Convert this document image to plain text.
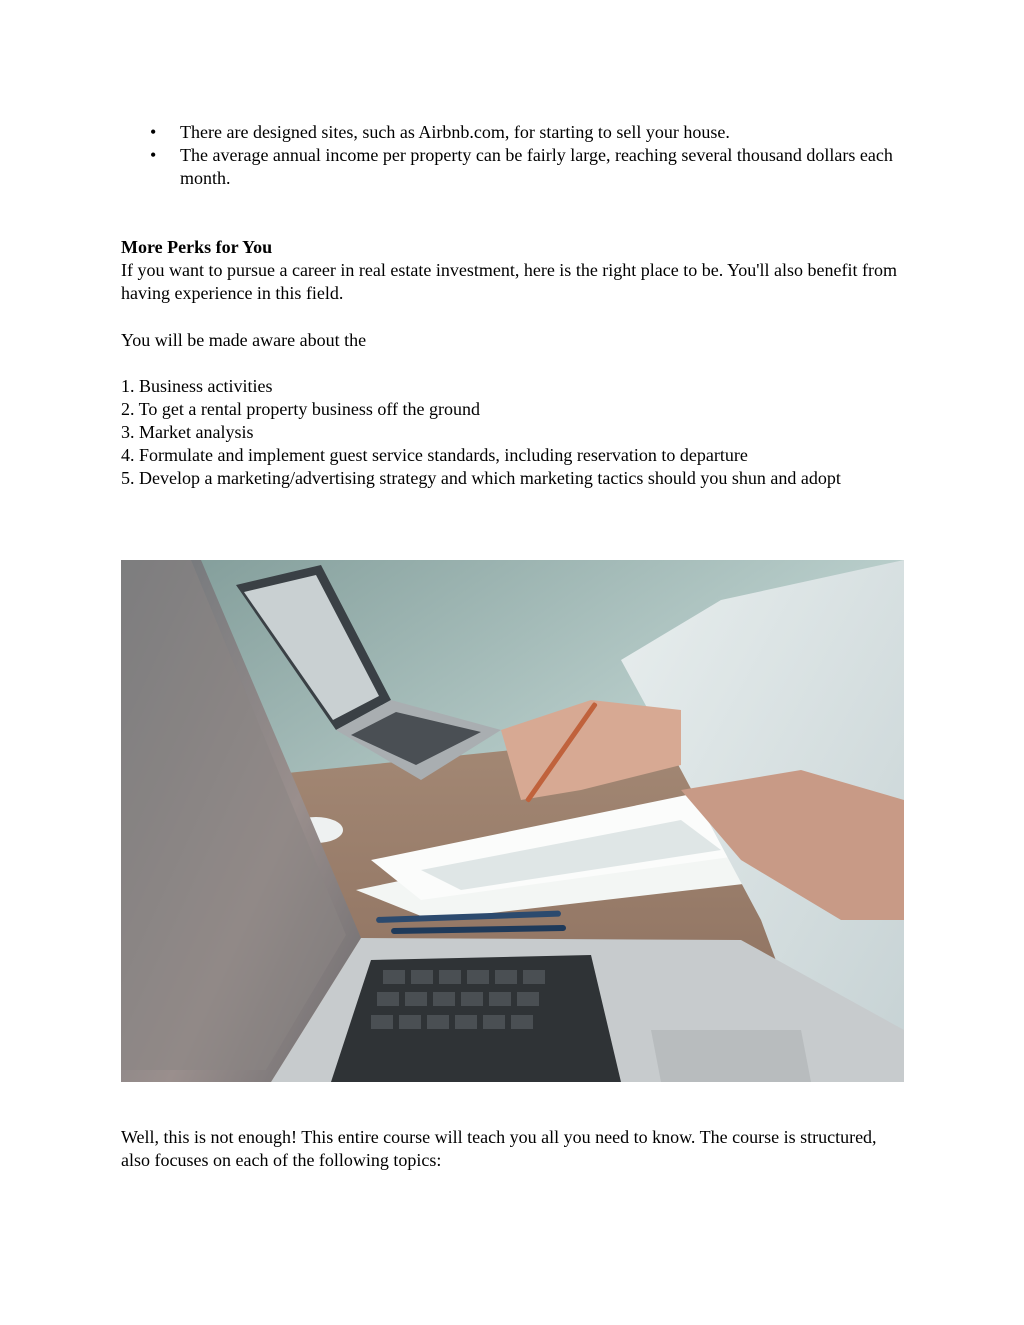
• There are designed sites, such as Airbnb.com, for starting to sell your house.
• The average annual income per property can be fairly large, reaching several thousand dollars each month.

More Perks for You

If you want to pursue a career in real estate investment, here is the right place to be. You'll also benefit from having experience in this field.

You will be made aware about the

1. Business activities
2. To get a rental property business off the ground
3. Market analysis
4. Formulate and implement guest service standards, including reservation to departure
5. Develop a marketing/advertising strategy and which marketing tactics should you shun and adopt

Well, this is not enough! This entire course will teach you all you need to know. The course is structured, also focuses on each of the following topics:
